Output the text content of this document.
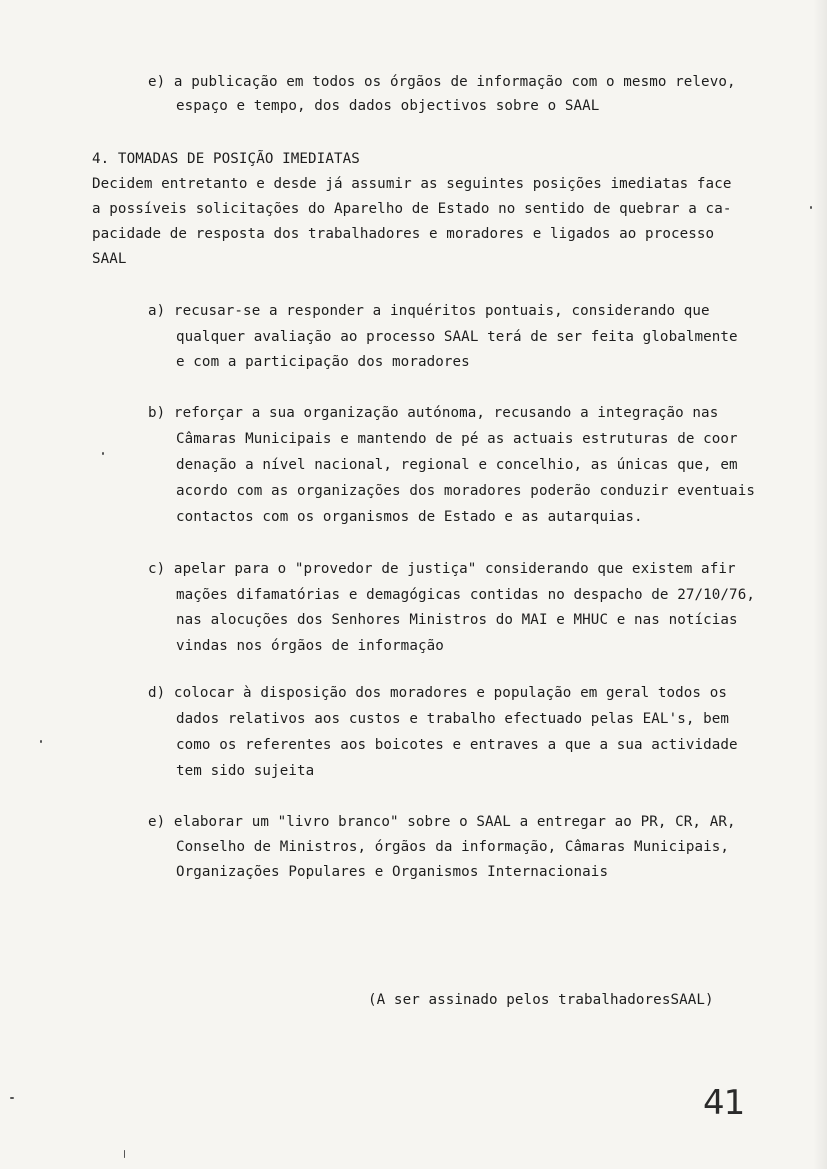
e) a publicação em todos os órgãos de informação com o mesmo relevo,
espaço e tempo, dos dados objectivos sobre o SAAL
4. TOMADAS DE POSIÇÃO IMEDIATAS
Decidem entretanto e desde já assumir as seguintes posições imediatas face
a possíveis solicitações do Aparelho de Estado no sentido de quebrar a ca-
pacidade de resposta dos trabalhadores e moradores e ligados ao processo
SAAL
a) recusar-se a responder a inquéritos pontuais, considerando que
qualquer avaliação ao processo SAAL terá de ser feita globalmente
e com a participação dos moradores
b) reforçar a sua organização autónoma, recusando a integração nas
Câmaras Municipais e mantendo de pé as actuais estruturas de coor
denação a nível nacional, regional e concelhio, as únicas que, em
acordo com as organizações dos moradores poderão conduzir eventuais
contactos com os organismos de Estado e as autarquias.
c) apelar para o "provedor de justiça" considerando que existem afir
mações difamatórias e demagógicas contidas no despacho de 27/10/76,
nas alocuções dos Senhores Ministros do MAI e MHUC e nas notícias
vindas nos órgãos de informação
d) colocar à disposição dos moradores e população em geral todos os
dados relativos aos custos e trabalho efectuado pelas EAL's, bem
como os referentes aos boicotes e entraves a que a sua actividade
tem sido sujeita
e) elaborar um "livro branco" sobre o SAAL a entregar ao PR, CR, AR,
Conselho de Ministros, órgãos da informação, Câmaras Municipais,
Organizações Populares e Organismos Internacionais
(A ser assinado pelos trabalhadoresSAAL)
41
